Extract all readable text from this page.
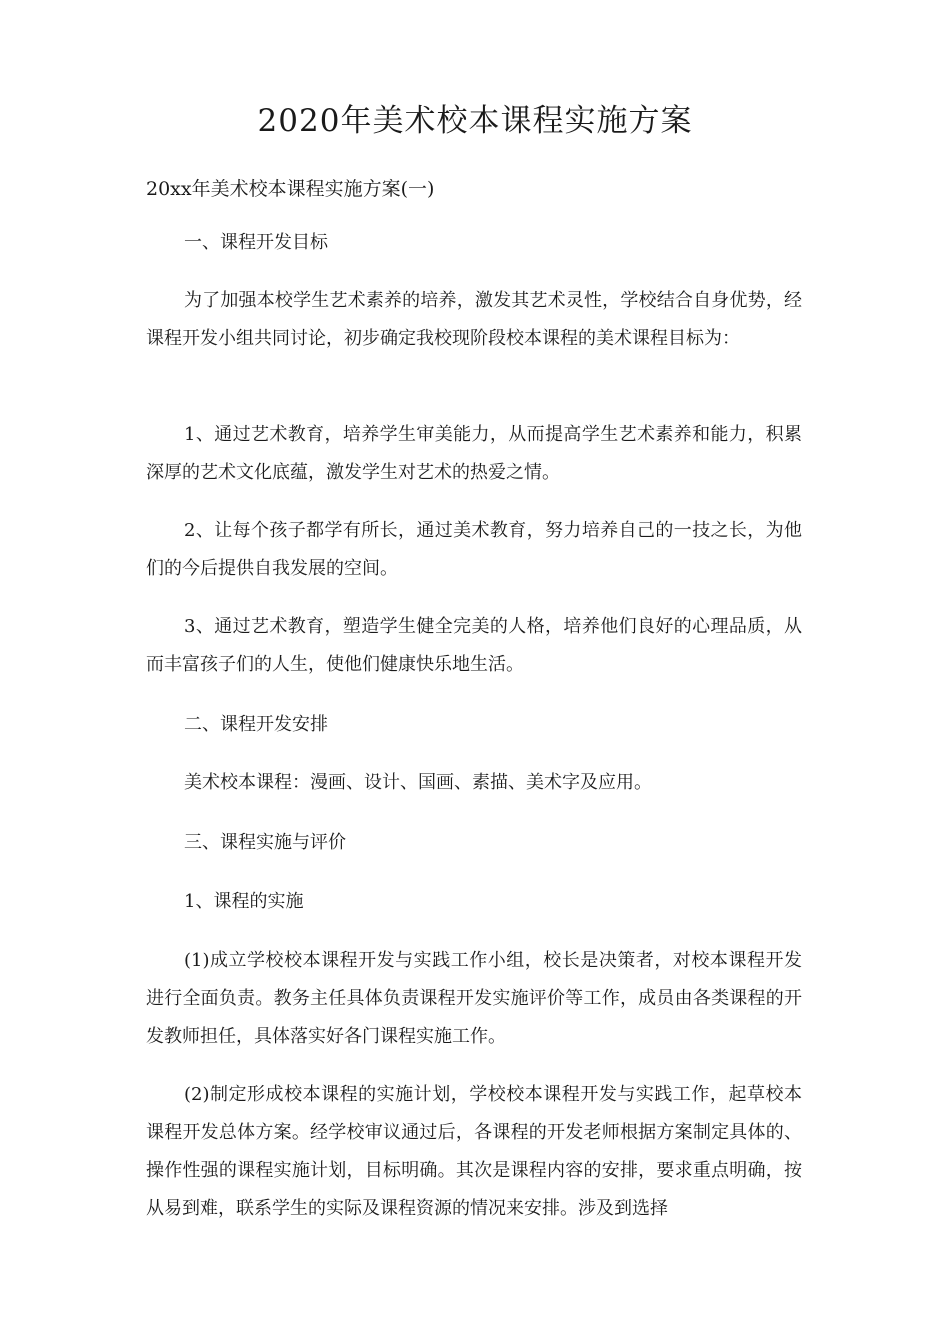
2020年美术校本课程实施方案
20xx年美术校本课程实施方案(一)
一、课程开发目标

为了加强本校学生艺术素养的培养，激发其艺术灵性，学校结合自身优势，经课程开发小组共同讨论，初步确定我校现阶段校本课程的美术课程目标为：

1、通过艺术教育，培养学生审美能力，从而提高学生艺术素养和能力，积累深厚的艺术文化底蕴，激发学生对艺术的热爱之情。

2、让每个孩子都学有所长，通过美术教育，努力培养自己的一技之长，为他们的今后提供自我发展的空间。

3、通过艺术教育，塑造学生健全完美的人格，培养他们良好的心理品质，从而丰富孩子们的人生，使他们健康快乐地生活。

二、课程开发安排

美术校本课程：漫画、设计、国画、素描、美术字及应用。

三、课程实施与评价
1、课程的实施

(1)成立学校校本课程开发与实践工作小组，校长是决策者，对校本课程开发进行全面负责。教务主任具体负责课程开发实施评价等工作，成员由各类课程的开发教师担任，具体落实好各门课程实施工作。

(2)制定形成校本课程的实施计划，学校校本课程开发与实践工作，起草校本课程开发总体方案。经学校审议通过后，各课程的开发老师根据方案制定具体的、操作性强的课程实施计划，目标明确。其次是课程内容的安排，要求重点明确，按从易到难，联系学生的实际及课程资源的情况来安排。涉及到选择
